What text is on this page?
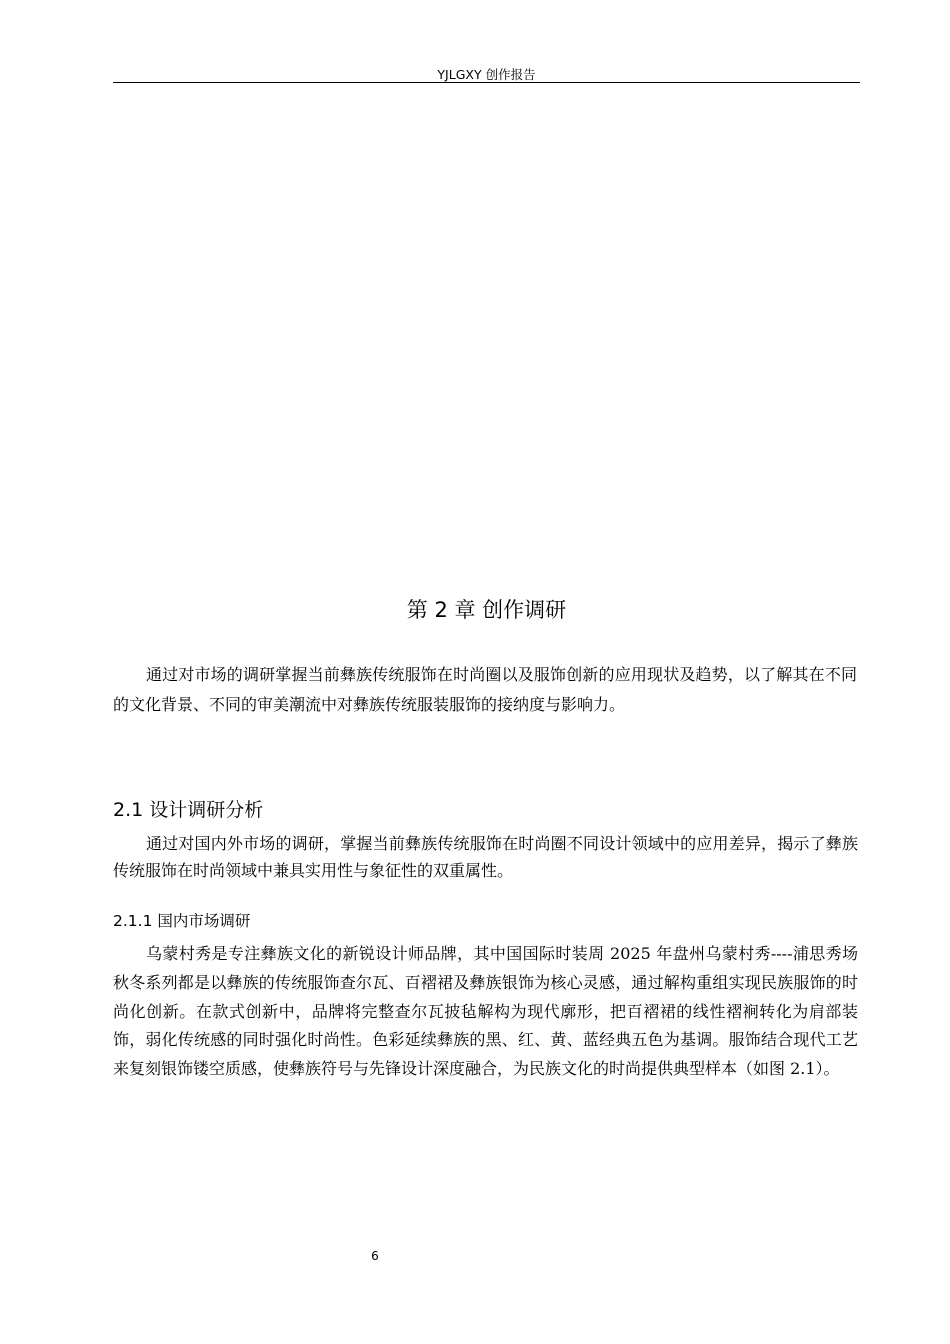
YJLGXY 创作报告
第 2 章 创作调研

通过对市场的调研掌握当前彝族传统服饰在时尚圈以及服饰创新的应用现状及趋势，以了解其在不同的文化背景、不同的审美潮流中对彝族传统服装服饰的接纳度与影响力。

2.1 设计调研分析

通过对国内外市场的调研，掌握当前彝族传统服饰在时尚圈不同设计领域中的应用差异，揭示了彝族传统服饰在时尚领域中兼具实用性与象征性的双重属性。

2.1.1 国内市场调研

乌蒙村秀是专注彝族文化的新锐设计师品牌，其中国国际时装周 2025 年盘州乌蒙村秀----浦思秀场秋冬系列都是以彝族的传统服饰查尔瓦、百褶裙及彝族银饰为核心灵感，通过解构重组实现民族服饰的时尚化创新。在款式创新中，品牌将完整查尔瓦披毡解构为现代廓形，把百褶裙的线性褶裥转化为肩部装饰，弱化传统感的同时强化时尚性。色彩延续彝族的黑、红、黄、蓝经典五色为基调。服饰结合现代工艺来复刻银饰镂空质感，使彝族符号与先锋设计深度融合，为民族文化的时尚提供典型样本（如图 2.1）。

6
